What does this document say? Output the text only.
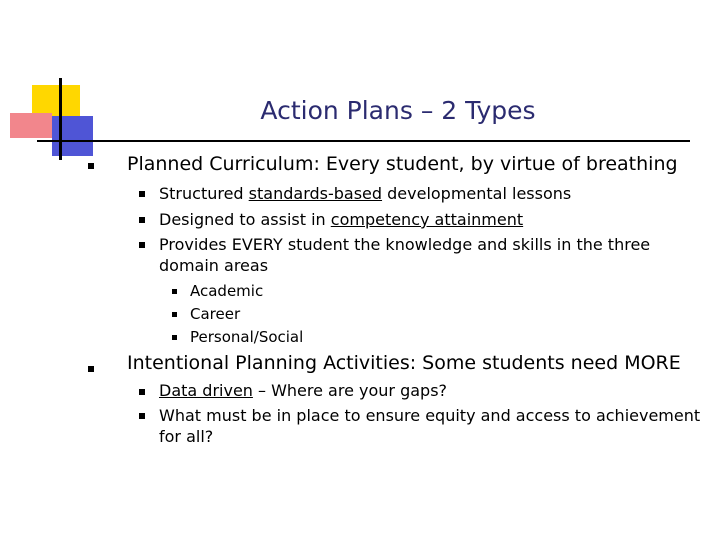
Action Plans – 2 Types
Planned Curriculum: Every student, by virtue of breathing
Structured standards-based developmental lessons
Designed to assist in competency attainment
Provides EVERY student the knowledge and skills in the three
domain areas
Academic
Career
Personal/Social
Intentional Planning Activities: Some students need MORE
Data driven – Where are your gaps?
What must be in place to ensure equity and access to achievement
for all?
